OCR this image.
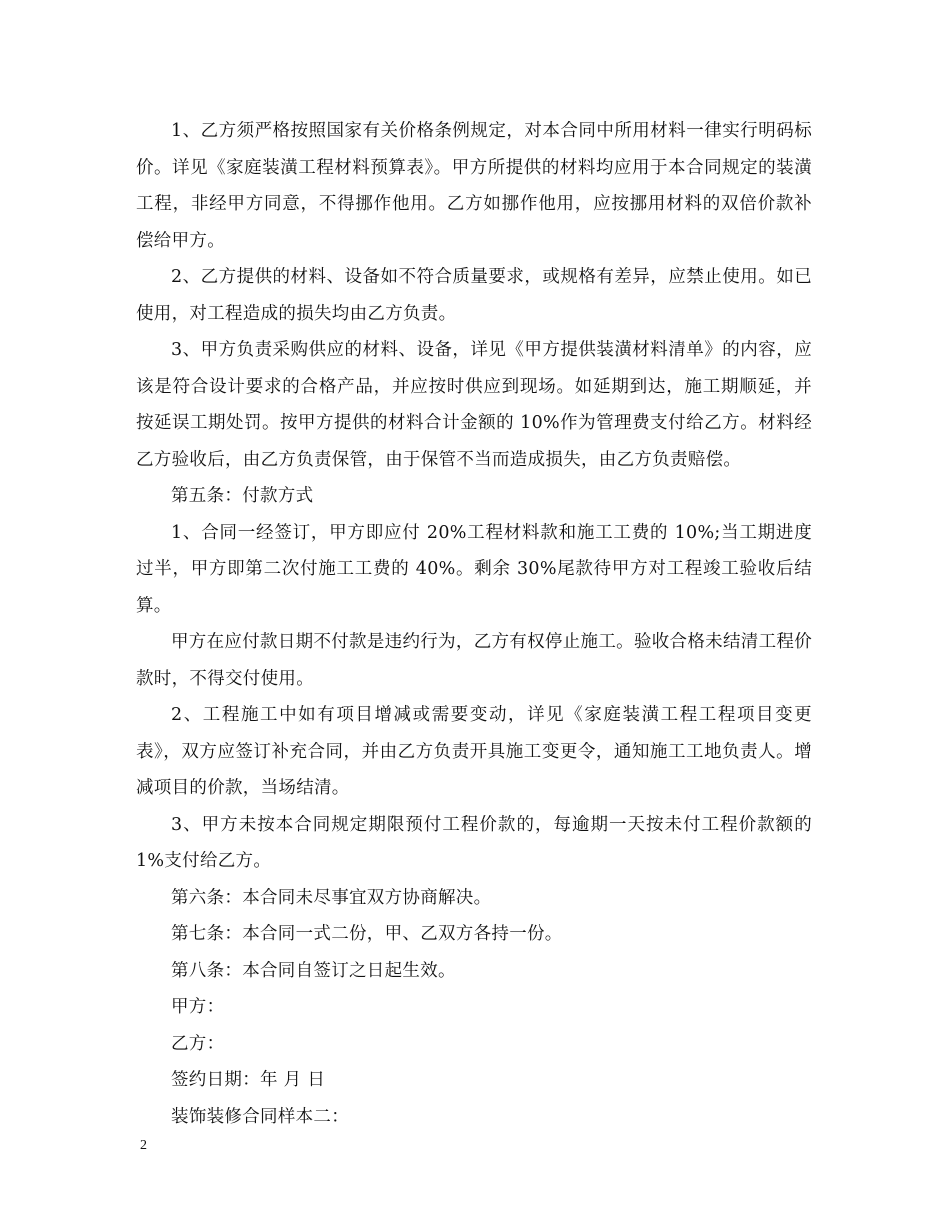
1、乙方须严格按照国家有关价格条例规定，对本合同中所用材料一律实行明码标价。详见《家庭装潢工程材料预算表》。甲方所提供的材料均应用于本合同规定的装潢工程，非经甲方同意，不得挪作他用。乙方如挪作他用，应按挪用材料的双倍价款补偿给甲方。

2、乙方提供的材料、设备如不符合质量要求，或规格有差异，应禁止使用。如已使用，对工程造成的损失均由乙方负责。

3、甲方负责采购供应的材料、设备，详见《甲方提供装潢材料清单》的内容，应该是符合设计要求的合格产品，并应按时供应到现场。如延期到达，施工期顺延，并按延误工期处罚。按甲方提供的材料合计金额的 10%作为管理费支付给乙方。材料经乙方验收后，由乙方负责保管，由于保管不当而造成损失，由乙方负责赔偿。

第五条：付款方式

1、合同一经签订，甲方即应付 20%工程材料款和施工工费的 10%;当工期进度过半，甲方即第二次付施工工费的 40%。剩余 30%尾款待甲方对工程竣工验收后结算。

甲方在应付款日期不付款是违约行为，乙方有权停止施工。验收合格未结清工程价款时，不得交付使用。

2、工程施工中如有项目增减或需要变动，详见《家庭装潢工程工程项目变更表》，双方应签订补充合同，并由乙方负责开具施工变更令，通知施工工地负责人。增减项目的价款，当场结清。

3、甲方未按本合同规定期限预付工程价款的，每逾期一天按未付工程价款额的 1%支付给乙方。

第六条：本合同未尽事宜双方协商解决。

第七条：本合同一式二份，甲、乙双方各持一份。

第八条：本合同自签订之日起生效。

甲方：

乙方：

签约日期：年 月 日

装饰装修合同样本二：

2
